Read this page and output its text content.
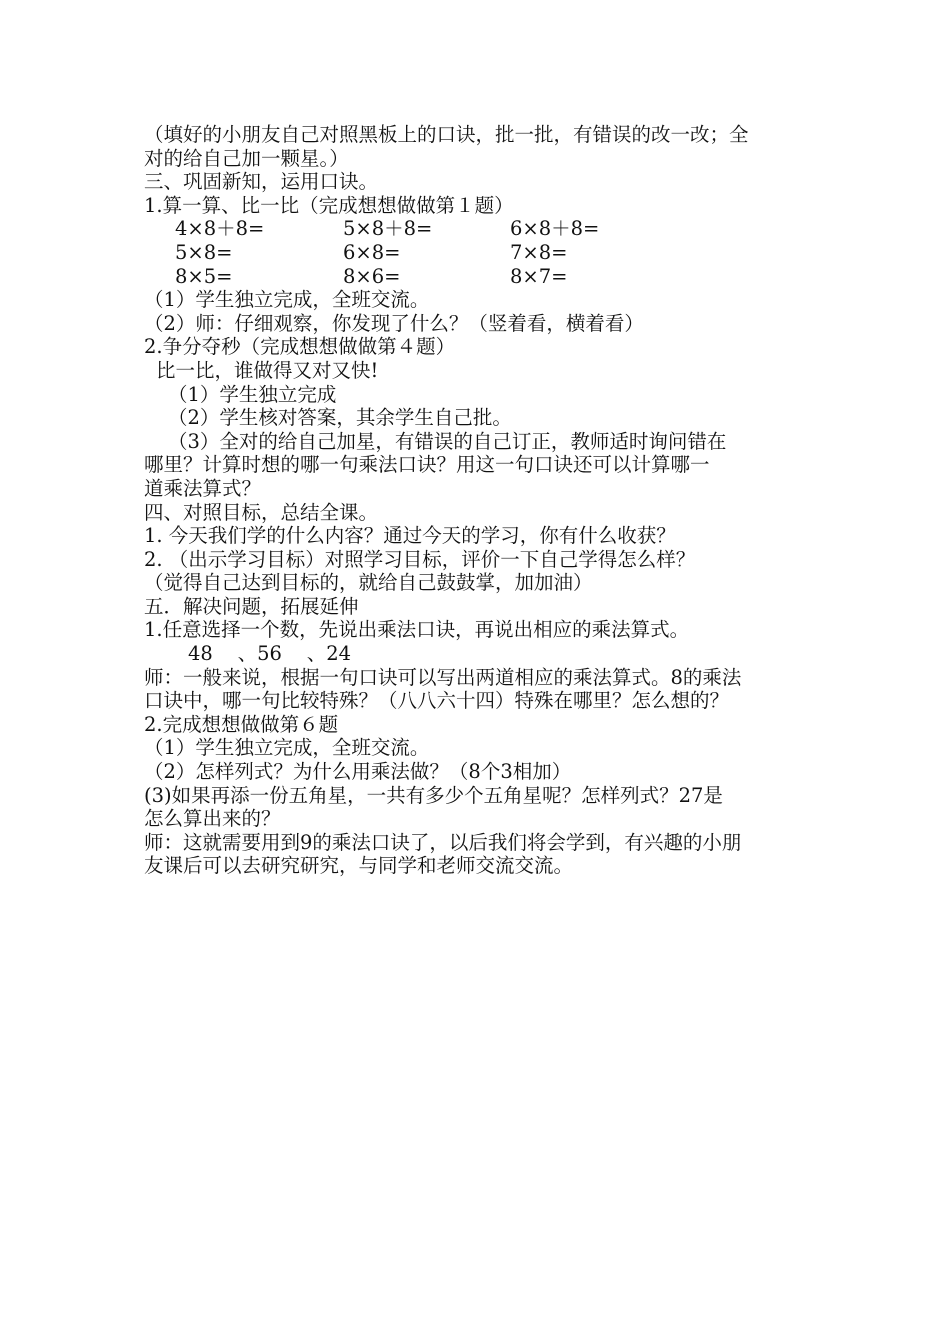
（填好的小朋友自己对照黑板上的口诀，批一批，有错误的改一改；全
对的给自己加一颗星。）
三、巩固新知，运用口诀。
1.算一算、比一比（完成想想做做第１题）
4×8＋8=	5×8＋8=	6×8＋8=
5×8=	6×8=	7×8=
8×5=	8×6=	8×7=
（1）学生独立完成，全班交流。
（2）师：仔细观察，你发现了什么？（竖着看，横着看）
2.争分夺秒（完成想想做做第４题）
比一比，谁做得又对又快!
（1）学生独立完成
（2）学生核对答案，其余学生自己批。
（3）全对的给自己加星，有错误的自己订正，教师适时询问错在
哪里？计算时想的哪一句乘法口诀？用这一句口诀还可以计算哪一
道乘法算式？
四、对照目标，总结全课。
1. 今天我们学的什么内容？通过今天的学习，你有什么收获？
2. （出示学习目标）对照学习目标，评价一下自己学得怎么样？
（觉得自己达到目标的，就给自己鼓鼓掌，加加油）
五．解决问题，拓展延伸
1.任意选择一个数，先说出乘法口诀，再说出相应的乘法算式。
48    、56    、24
师：一般来说，根据一句口诀可以写出两道相应的乘法算式。8的乘法
口诀中，哪一句比较特殊？（八八六十四）特殊在哪里？怎么想的？
2.完成想想做做第６题
（1）学生独立完成，全班交流。
（2）怎样列式？为什么用乘法做？（8个3相加）
(3)如果再添一份五角星，一共有多少个五角星呢？怎样列式？27是
怎么算出来的？
师：这就需要用到9的乘法口诀了，以后我们将会学到，有兴趣的小朋
友课后可以去研究研究，与同学和老师交流交流。
